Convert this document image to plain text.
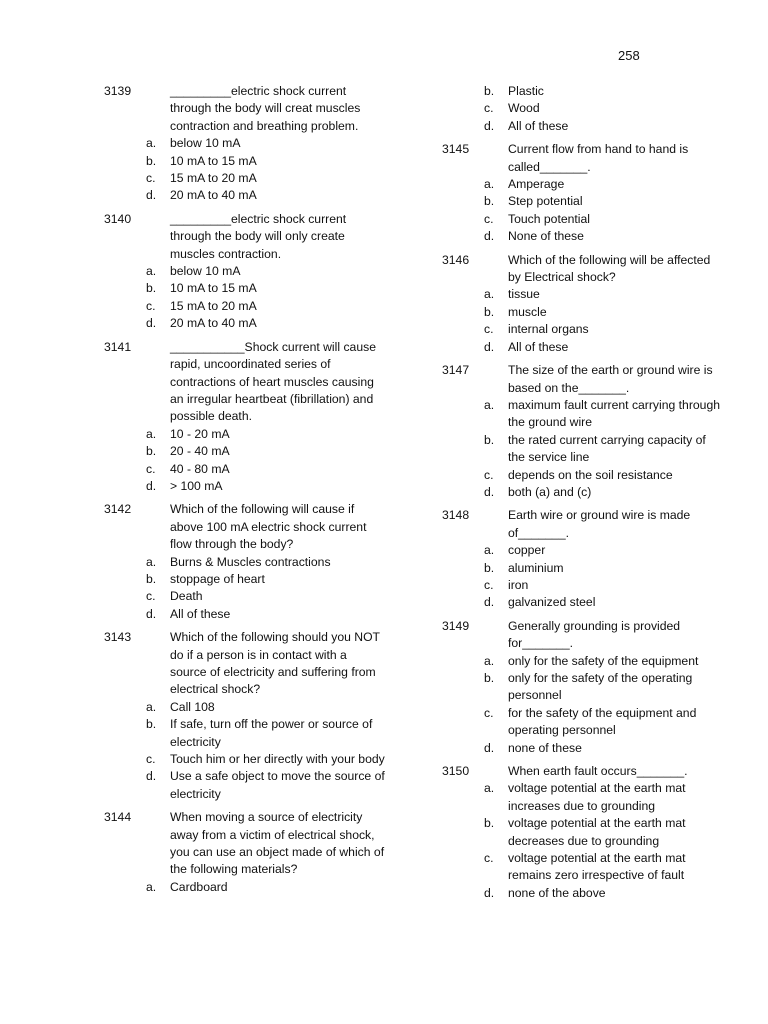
258
3139	_________electric shock current through the body will creat muscles contraction and breathing problem.
a. below 10 mA
b. 10 mA to 15 mA
c. 15 mA to 20 mA
d. 20 mA to 40 mA
3140	_________electric shock current through the body will only create muscles contraction.
a. below 10 mA
b. 10 mA to 15 mA
c. 15 mA to 20 mA
d. 20 mA to 40 mA
3141	___________Shock current will cause rapid, uncoordinated series of contractions of heart muscles causing an irregular heartbeat (fibrillation) and possible death.
a. 10 - 20 mA
b. 20 - 40 mA
c. 40 - 80 mA
d. > 100 mA
3142	Which of the following will cause if above 100 mA electric shock current flow through the body?
a. Burns & Muscles contractions
b. stoppage of heart
c. Death
d. All of these
3143	Which of the following should you NOT do if a person is in contact with a source of electricity and suffering from electrical shock?
a. Call 108
b. If safe, turn off the power or source of electricity
c. Touch him or her directly with your body
d. Use a safe object to move the source of electricity
3144	When moving a source of electricity away from a victim of electrical shock, you can use an object made of which of the following materials?
a. Cardboard
b. Plastic
c. Wood
d. All of these
3145	Current flow from hand to hand is called_______.
a. Amperage
b. Step potential
c. Touch potential
d. None of these
3146	Which of the following will be affected by Electrical shock?
a. tissue
b. muscle
c. internal organs
d. All of these
3147	The size of the earth or ground wire is based on the_______.
a. maximum fault current carrying through the ground wire
b. the rated current carrying capacity of the service line
c. depends on the soil resistance
d. both (a) and (c)
3148	Earth wire or ground wire is made of_______.
a. copper
b. aluminium
c. iron
d. galvanized steel
3149	Generally grounding is provided for_______.
a. only for the safety of the equipment
b. only for the safety of the operating personnel
c. for the safety of the equipment and operating personnel
d. none of these
3150	When earth fault occurs_______.
a. voltage potential at the earth mat increases due to grounding
b. voltage potential at the earth mat decreases due to grounding
c. voltage potential at the earth mat remains zero irrespective of fault
d. none of the above
